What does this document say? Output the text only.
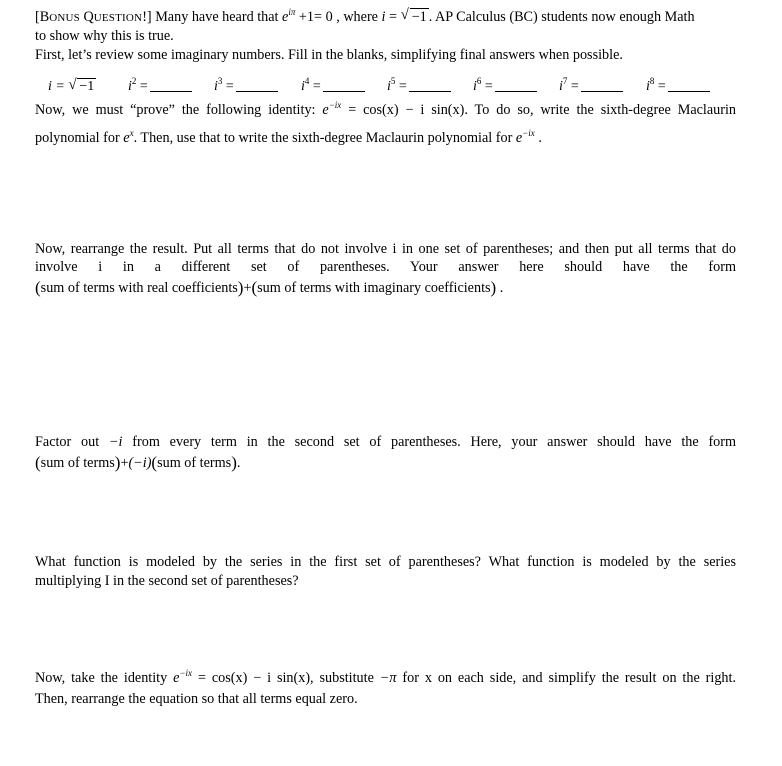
[BONUS QUESTION!] Many have heard that $e^{i\pi} +1= 0$ , where i = √ −1 . AP Calculus (BC) students now enough Math
to show why this is true.
First, let’s review some imaginary numbers. Fill in the blanks, simplifying final answers when possible.
i = √ −1 $i^2$ =	$i^3$ =	$i^4$ =	$i^5$ =	$i^6$ =	$i^7$ =	$i^8$ =
Now, we must “prove” the following identity: $e^{-ix} = \cos(x) - i$ sin(x). To do so, write the sixth-degree Maclaurin
polynomial for $e^x$. Then, use that to write the sixth-degree Maclaurin polynomial for $e^{-ix}$ .
Now, rearrange the result. Put all terms that do not involve i in one set of parentheses; and then put all terms that do
involve i in a different set of parentheses. Your answer here should have the form
(sum of terms with real coefficients)+(sum of terms with imaginary coefficients) .
Factor out −i from every term in the second set of parentheses. Here, your answer should have the form
(sum of terms)+(−i)(sum of terms).
What function is modeled by the series in the first set of parentheses? What function is modeled by the series
multiplying I in the second set of parentheses?
Now, take the identity $e^{-ix} = \cos(x) - i$ sin(x), substitute −π for x on each side, and simplify the result on the right.
Then, rearrange the equation so that all terms equal zero.
